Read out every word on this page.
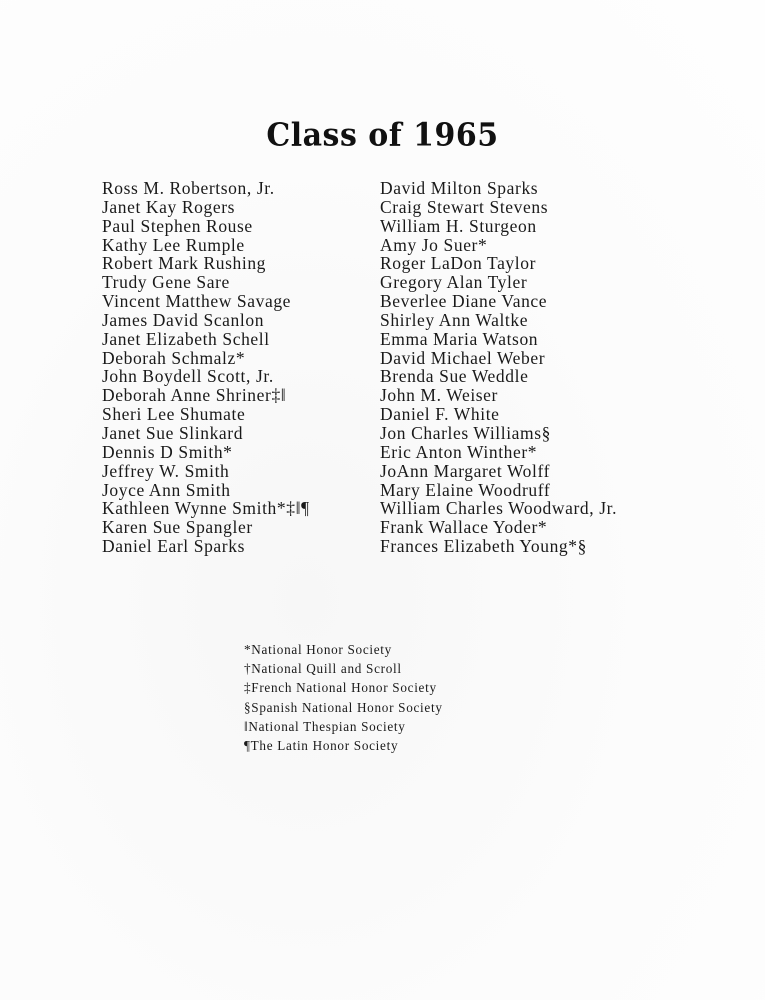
Class of 1965
Ross M. Robertson, Jr.
Janet Kay Rogers
Paul Stephen Rouse
Kathy Lee Rumple
Robert Mark Rushing
Trudy Gene Sare
Vincent Matthew Savage
James David Scanlon
Janet Elizabeth Schell
Deborah Schmalz*
John Boydell Scott, Jr.
Deborah Anne Shriner‡‖
Sheri Lee Shumate
Janet Sue Slinkard
Dennis D Smith*
Jeffrey W. Smith
Joyce Ann Smith
Kathleen Wynne Smith*‡‖¶
Karen Sue Spangler
Daniel Earl Sparks
David Milton Sparks
Craig Stewart Stevens
William H. Sturgeon
Amy Jo Suer*
Roger LaDon Taylor
Gregory Alan Tyler
Beverlee Diane Vance
Shirley Ann Waltke
Emma Maria Watson
David Michael Weber
Brenda Sue Weddle
John M. Weiser
Daniel F. White
Jon Charles Williams§
Eric Anton Winther*
JoAnn Margaret Wolff
Mary Elaine Woodruff
William Charles Woodward, Jr.
Frank Wallace Yoder*
Frances Elizabeth Young*§
*National Honor Society
†National Quill and Scroll
‡French National Honor Society
§Spanish National Honor Society
‖National Thespian Society
¶The Latin Honor Society
